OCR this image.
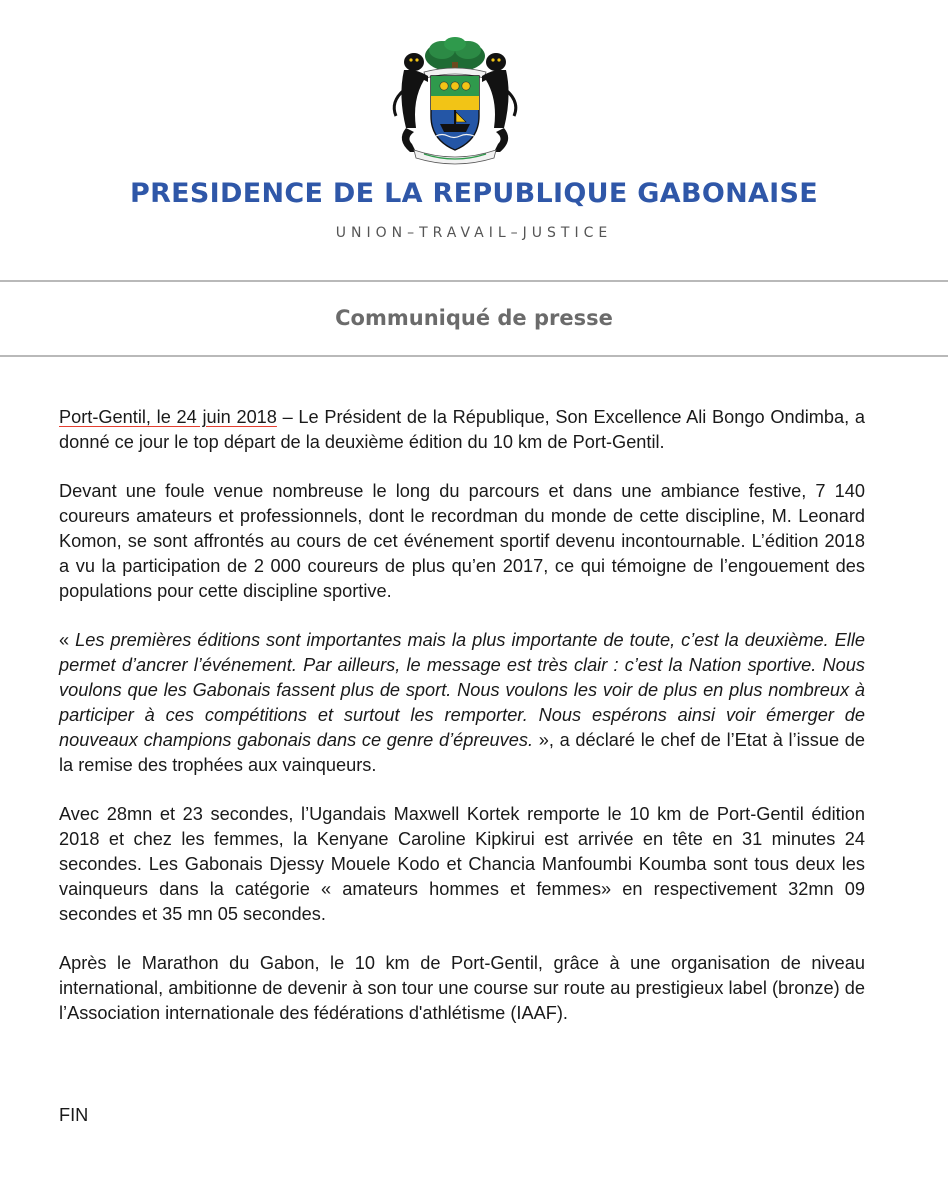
PRESIDENCE DE LA REPUBLIQUE GABONAISE
UNION–TRAVAIL–JUSTICE
Communiqué de presse

Port-Gentil, le 24 juin 2018 – Le Président de la République, Son Excellence Ali Bongo Ondimba, a donné ce jour le top départ de la deuxième édition du 10 km de Port-Gentil.

Devant une foule venue nombreuse le long du parcours et dans une ambiance festive, 7 140 coureurs amateurs et professionnels, dont le recordman du monde de cette discipline, M. Leonard Komon, se sont affrontés au cours de cet événement sportif devenu incontournable. L’édition 2018 a vu la participation de 2 000 coureurs de plus qu’en 2017, ce qui témoigne de l’engouement des populations pour cette discipline sportive.

« Les premières éditions sont importantes mais la plus importante de toute, c’est la deuxième. Elle permet d’ancrer l’événement. Par ailleurs, le message est très clair : c’est la Nation sportive. Nous voulons que les Gabonais fassent plus de sport. Nous voulons les voir de plus en plus nombreux à participer à ces compétitions et surtout les remporter. Nous espérons ainsi voir émerger de nouveaux champions gabonais dans ce genre d’épreuves. », a déclaré le chef de l’Etat à l’issue de la remise des trophées aux vainqueurs.

Avec 28mn et 23 secondes, l’Ugandais Maxwell Kortek remporte le 10 km de Port-Gentil édition 2018 et chez les femmes, la Kenyane Caroline Kipkirui est arrivée en tête en 31 minutes 24 secondes. Les Gabonais Djessy Mouele Kodo et Chancia Manfoumbi Koumba sont tous deux les vainqueurs dans la catégorie « amateurs hommes et femmes» en respectivement 32mn 09 secondes et 35 mn 05 secondes.

Après le Marathon du Gabon, le 10 km de Port-Gentil, grâce à une organisation de niveau international, ambitionne de devenir à son tour une course sur route au prestigieux label (bronze) de l’Association internationale des fédérations d'athlétisme (IAAF).

FIN
